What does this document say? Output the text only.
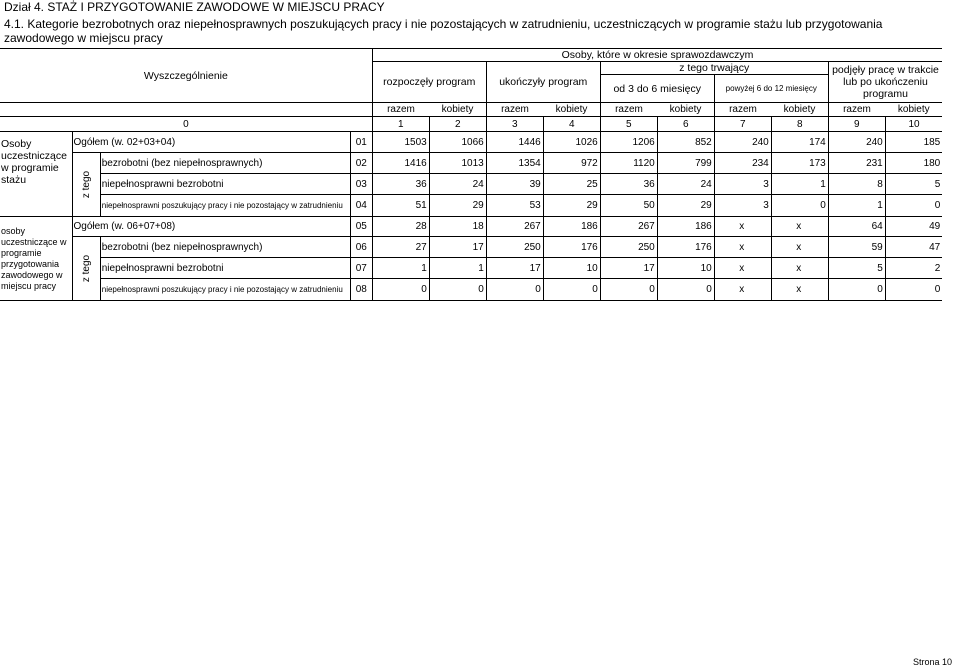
Dział 4. STAŻ I PRZYGOTOWANIE ZAWODOWE W MIEJSCU PRACY
4.1. Kategorie bezrobotnych oraz niepełnosprawnych poszukujących pracy i nie pozostających w zatrudnieniu, uczestniczących w programie stażu lub przygotowania zawodowego w miejscu pracy
Wyszczególnienie				Osoby, które w okresie sprawozdawczym									
				rozpoczęły program		ukończyły program		z tego trwający				podjęły pracę w trakcie lub po ukończeniu programu	
								od 3 do 6 miesięcy		powyżej 6 do 12 miesięcy			
				razem	kobiety	razem	kobiety	razem	kobiety	razem	kobiety	razem	kobiety
0				1	2	3	4	5	6	7	8	9	10
Osoby uczestniczące w programie stażu	Ogółem (w. 02+03+04)		01	1503	1066	1446	1026	1206	852	240	174	240	185
	z tego	bezrobotni (bez niepełnosprawnych)	02	1416	1013	1354	972	1120	799	234	173	231	180
		niepełnosprawni bezrobotni	03	36	24	39	25	36	24	3	1	8	5
		niepełnosprawni poszukujący pracy i nie pozostający w zatrudnieniu	04	51	29	53	29	50	29	3	0	1	0
osoby uczestniczące w programie przygotowania zawodowego w miejscu pracy	Ogółem (w. 06+07+08)		05	28	18	267	186	267	186	x	x	64	49
	z tego	bezrobotni (bez niepełnosprawnych)	06	27	17	250	176	250	176	x	x	59	47
		niepełnosprawni bezrobotni	07	1	1	17	10	17	10	x	x	5	2
		niepełnosprawni poszukujący pracy i nie pozostający w zatrudnieniu	08	0	0	0	0	0	0	x	x	0	0
Strona 10
